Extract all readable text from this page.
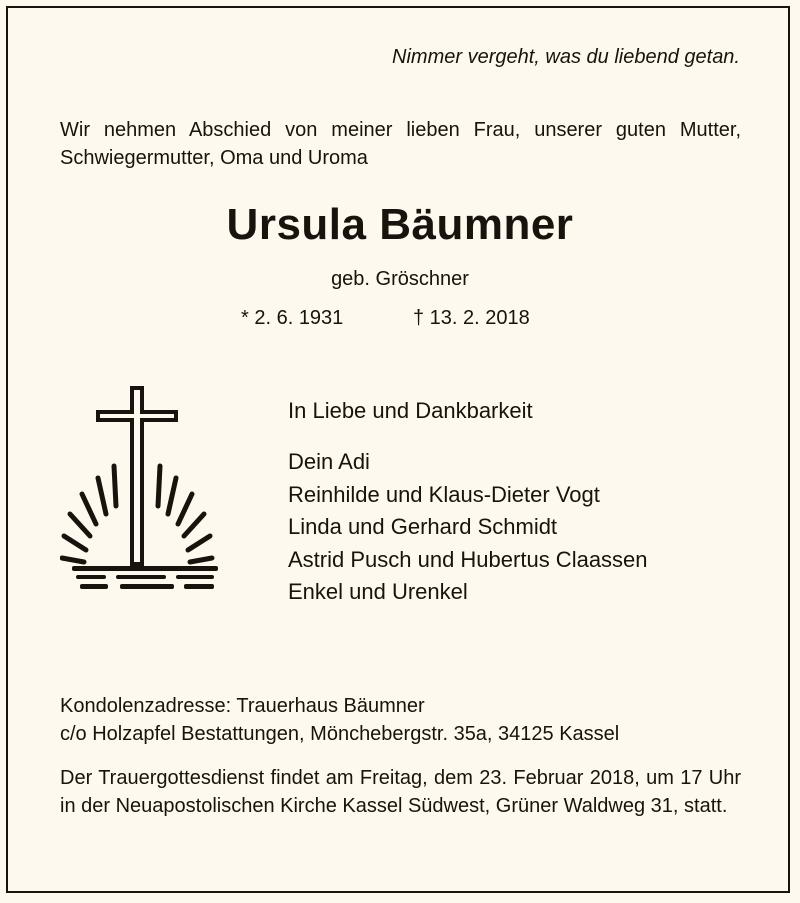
Nimmer vergeht, was du liebend getan.

Wir nehmen Abschied von meiner lieben Frau, unserer guten Mutter, Schwiegermutter, Oma und Uroma

Ursula Bäumner

geb. Gröschner

* 2. 6. 1931	† 13. 2. 2018

In Liebe und Dankbarkeit

Dein Adi
Reinhilde und Klaus-Dieter Vogt
Linda und Gerhard Schmidt
Astrid Pusch und Hubertus Claassen
Enkel und Urenkel
Kondolenzadresse: Trauerhaus Bäumner
c/o Holzapfel Bestattungen, Mönchebergstr. 35a, 34125 Kassel

Der Trauergottesdienst findet am Freitag, dem 23. Februar 2018, um 17 Uhr in der Neuapostolischen Kirche Kassel Südwest, Grüner Waldweg 31, statt.
